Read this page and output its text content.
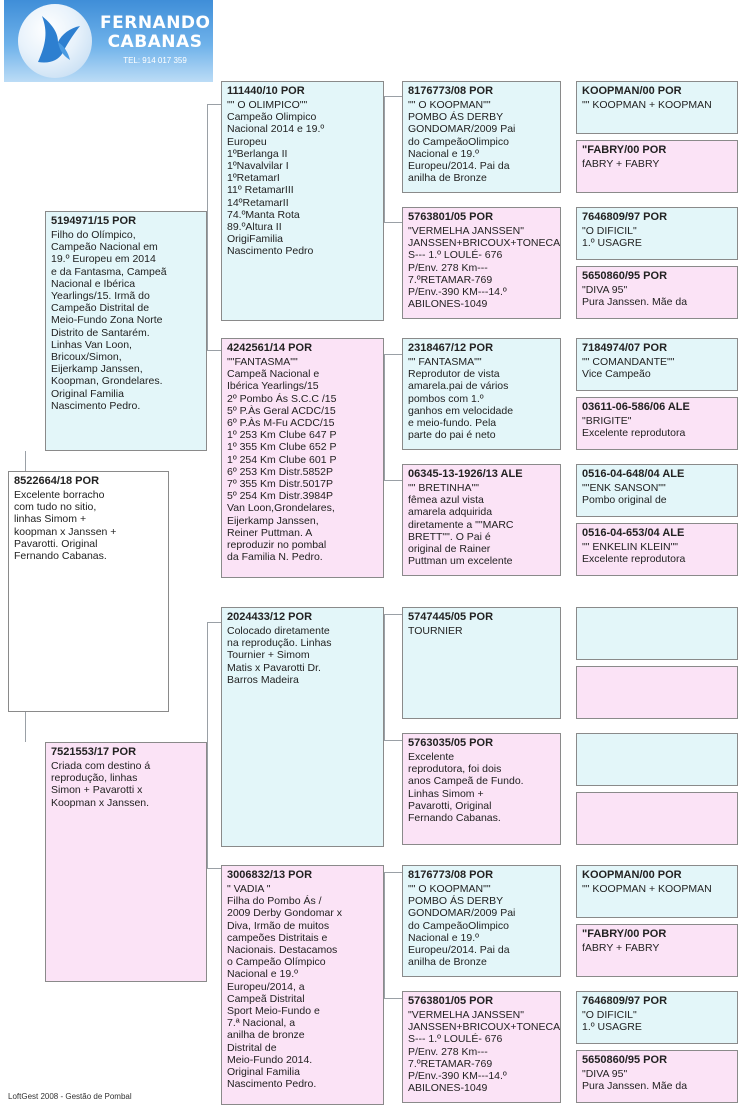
FERNANDO
CABANAS
TEL: 914 017 359
8522664/18 POR
Excelente borracho
com tudo no sitio,
linhas Simom +
koopman x Janssen +
Pavarotti. Original
Fernando Cabanas.
5194971/15 POR
Filho do Olímpico,
Campeão Nacional em
19.º Europeu em 2014
e da Fantasma, Campeã
Nacional e Ibérica
Yearlings/15. Irmã do
Campeão Distrital de
Meio-Fundo Zona Norte
Distrito de Santarém.
Linhas Van Loon,
Bricoux/Simon,
Eijerkamp Janssen,
Koopman, Grondelares.
Original Familia
Nascimento Pedro.
7521553/17 POR
Criada com destino á
reprodução, linhas
Simon + Pavarotti x
Koopman x Janssen.
111440/10 POR
"" O OLIMPICO""
Campeão Olimpico
Nacional 2014 e 19.º
Europeu
1ºBerlanga II
1ºNavalvilar I
1ºRetamarI
11º RetamarIII
14ºRetamarII
74.ºManta Rota
89.ºAltura II
OrigiFamilia
Nascimento Pedro
4242561/14 POR
""FANTASMA""
Campeã Nacional e
Ibérica Yearlings/15
2º Pombo Ás S.C.C /15
5º P.Às Geral ACDC/15
6º P.Às M-Fu ACDC/15
1º 253 Km Clube 647 P
1º 355 Km Clube 652 P
1º 254 Km Clube 601 P
6º 253 Km Distr.5852P
7º 355 Km Distr.5017P
5º 254 Km Distr.3984P
Van Loon,Grondelares,
Eijerkamp Janssen,
Reiner Puttman. A
reproduzir no pombal
da Familia N. Pedro.
2024433/12 POR
Colocado diretamente
na reprodução. Linhas
Tournier + Simom
Matis x Pavarotti Dr.
Barros Madeira
3006832/13 POR
" VADIA "
Filha do Pombo Ás /
2009 Derby Gondomar x
Diva, Irmão de muitos
campeões Distritais e
Nacionais. Destacamos
o Campeão Olímpico
Nacional e 19.º
Europeu/2014, a
Campeã Distrital
Sport Meio-Fundo e
7.ª Nacional, a
anilha de bronze
Distrital de
Meio-Fundo 2014.
Original Familia
Nascimento Pedro.
8176773/08 POR
"" O KOOPMAN""
POMBO ÁS DERBY
GONDOMAR/2009 Pai
do CampeãoOlimpico
Nacional e 19.º
Europeu/2014. Pai da
anilha de Bronze
5763801/05 POR
"VERMELHA JANSSEN"
JANSSEN+BRICOUX+TONECA
S--- 1.º LOULÉ- 676
P/Env. 278 Km---
7.ºRETAMAR-769
P/Env.-390 KM---14.º
ABILONES-1049
2318467/12 POR
"" FANTASMA""
Reprodutor de vista
amarela.pai de vários
pombos com 1.º
ganhos em velocidade
e meio-fundo. Pela
parte do pai é neto
06345-13-1926/13 ALE
"" BRETINHA""
fêmea azul vista
amarela adquirida
diretamente a ""MARC
BRETT"". O Pai é
original de Rainer
Puttman um excelente
5747445/05 POR
TOURNIER
5763035/05 POR
Excelente
reprodutora, foi dois
anos Campeã de Fundo.
Linhas Simom +
Pavarotti, Original
Fernando Cabanas.
8176773/08 POR
"" O KOOPMAN""
POMBO ÁS DERBY
GONDOMAR/2009 Pai
do CampeãoOlimpico
Nacional e 19.º
Europeu/2014. Pai da
anilha de Bronze
5763801/05 POR
"VERMELHA JANSSEN"
JANSSEN+BRICOUX+TONECA
S--- 1.º LOULÉ- 676
P/Env. 278 Km---
7.ºRETAMAR-769
P/Env.-390 KM---14.º
ABILONES-1049
KOOPMAN/00 POR
"" KOOPMAN + KOOPMAN
"FABRY/00 POR
fABRY + FABRY
7646809/97 POR
"O DIFICIL"
1.º USAGRE
5650860/95 POR
"DIVA 95"
Pura Janssen. Mãe da
7184974/07 POR
"" COMANDANTE""
Vice Campeão
03611-06-586/06 ALE
"BRIGITE"
Excelente reprodutora
0516-04-648/04 ALE
""ENK SANSON""
Pombo original de
0516-04-653/04 ALE
"" ENKELIN KLEIN""
Excelente reprodutora
KOOPMAN/00 POR
"" KOOPMAN + KOOPMAN
"FABRY/00 POR
fABRY + FABRY
7646809/97 POR
"O DIFICIL"
1.º USAGRE
5650860/95 POR
"DIVA 95"
Pura Janssen. Mãe da
LoftGest 2008 - Gestão de Pombal
